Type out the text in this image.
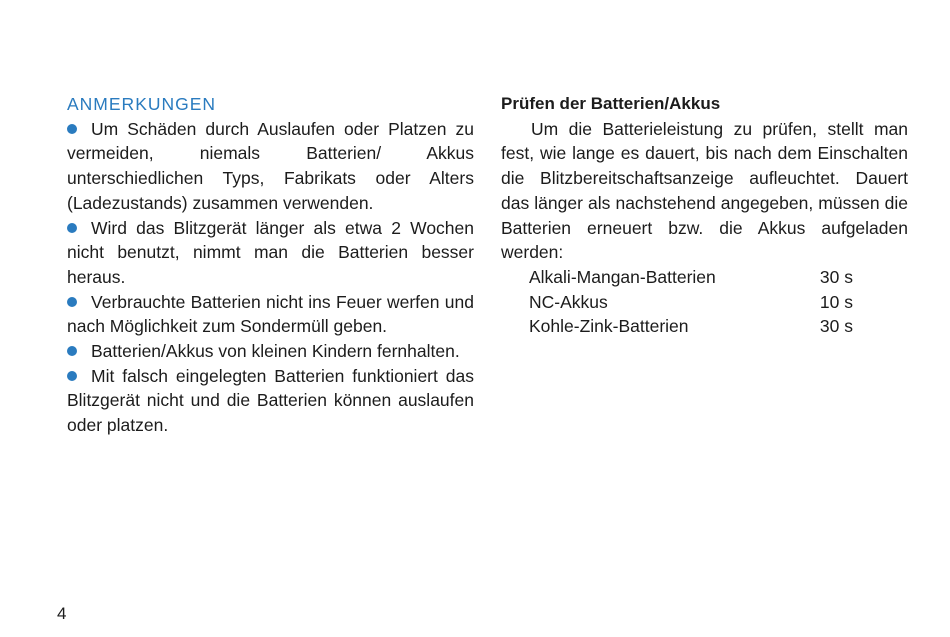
ANMERKUNGEN

Um Schäden durch Auslaufen oder Platzen zu vermeiden, niemals Batterien/ Akkus unterschiedlichen Typs, Fabrikats oder Alters (Ladezustands) zusammen verwenden.

Wird das Blitzgerät länger als etwa 2 Wochen nicht benutzt, nimmt man die Batterien besser heraus.

Verbrauchte Batterien nicht ins Feuer werfen und nach Möglichkeit zum Sondermüll geben.

Batterien/Akkus von kleinen Kindern fernhalten.

Mit falsch eingelegten Batterien funktioniert das Blitzgerät nicht und die Batterien können auslaufen oder platzen.

Prüfen der Batterien/Akkus

Um die Batterieleistung zu prüfen, stellt man fest, wie lange es dauert, bis nach dem Einschalten die Blitzbereitschaftsanzeige aufleuchtet. Dauert das länger als nachstehend angegeben, müssen die Batterien erneuert bzw. die Akkus aufgeladen werden:

Alkali-Mangan-Batterien	30 s
NC-Akkus	10 s
Kohle-Zink-Batterien	30 s
4
